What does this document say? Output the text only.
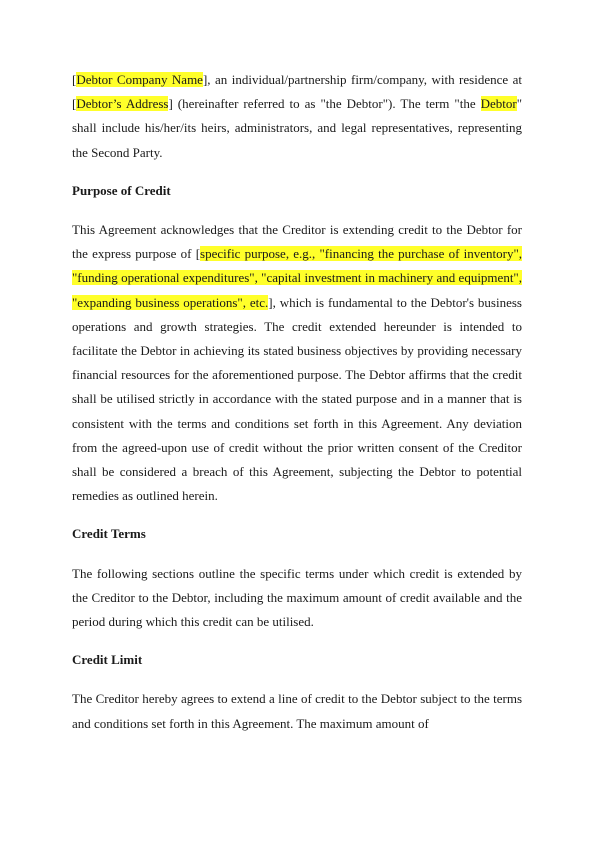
[Debtor Company Name], an individual/partnership firm/company, with residence at [Debtor’s Address] (hereinafter referred to as "the Debtor"). The term "the Debtor" shall include his/her/its heirs, administrators, and legal representatives, representing the Second Party.

Purpose of Credit

This Agreement acknowledges that the Creditor is extending credit to the Debtor for the express purpose of [specific purpose, e.g., "financing the purchase of inventory", "funding operational expenditures", "capital investment in machinery and equipment", "expanding business operations", etc.], which is fundamental to the Debtor's business operations and growth strategies. The credit extended hereunder is intended to facilitate the Debtor in achieving its stated business objectives by providing necessary financial resources for the aforementioned purpose. The Debtor affirms that the credit shall be utilised strictly in accordance with the stated purpose and in a manner that is consistent with the terms and conditions set forth in this Agreement. Any deviation from the agreed-upon use of credit without the prior written consent of the Creditor shall be considered a breach of this Agreement, subjecting the Debtor to potential remedies as outlined herein.

Credit Terms

The following sections outline the specific terms under which credit is extended by the Creditor to the Debtor, including the maximum amount of credit available and the period during which this credit can be utilised.

Credit Limit

The Creditor hereby agrees to extend a line of credit to the Debtor subject to the terms and conditions set forth in this Agreement. The maximum amount of
